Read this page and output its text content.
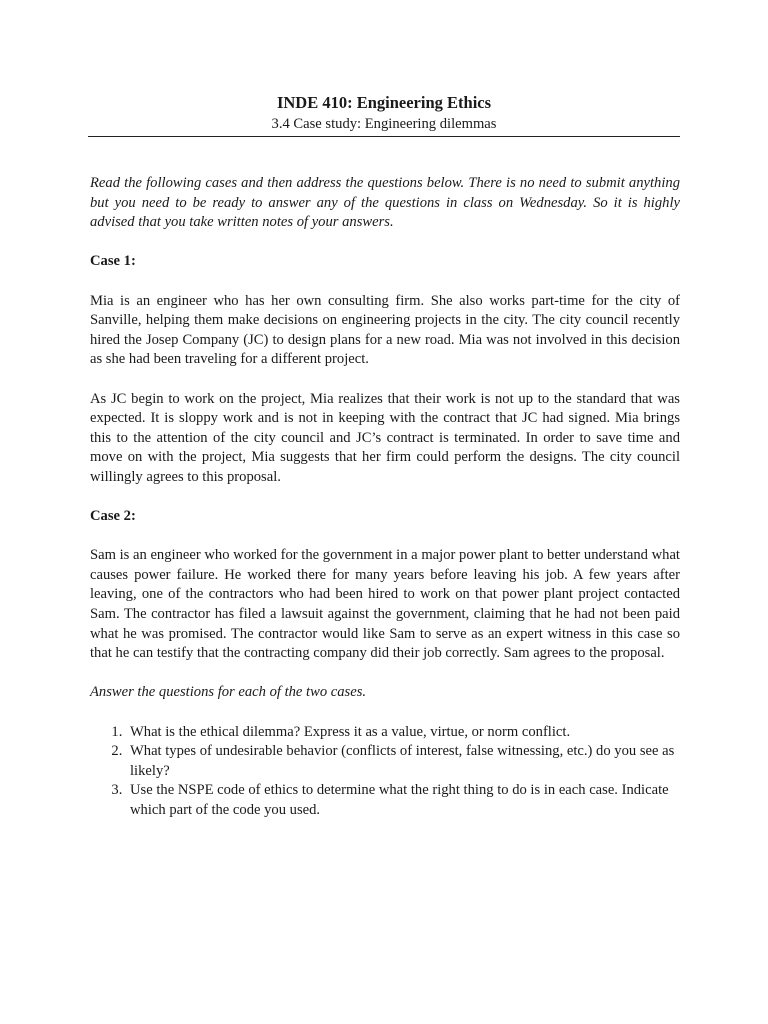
INDE 410: Engineering Ethics

3.4 Case study: Engineering dilemmas

Read the following cases and then address the questions below. There is no need to submit anything but you need to be ready to answer any of the questions in class on Wednesday. So it is highly advised that you take written notes of your answers.

Case 1:

Mia is an engineer who has her own consulting firm. She also works part-time for the city of Sanville, helping them make decisions on engineering projects in the city. The city council recently hired the Josep Company (JC) to design plans for a new road. Mia was not involved in this decision as she had been traveling for a different project.

As JC begin to work on the project, Mia realizes that their work is not up to the standard that was expected. It is sloppy work and is not in keeping with the contract that JC had signed. Mia brings this to the attention of the city council and JC’s contract is terminated. In order to save time and move on with the project, Mia suggests that her firm could perform the designs. The city council willingly agrees to this proposal.

Case 2:

Sam is an engineer who worked for the government in a major power plant to better understand what causes power failure. He worked there for many years before leaving his job. A few years after leaving, one of the contractors who had been hired to work on that power plant project contacted Sam. The contractor has filed a lawsuit against the government, claiming that he had not been paid what he was promised. The contractor would like Sam to serve as an expert witness in this case so that he can testify that the contracting company did their job correctly. Sam agrees to the proposal.

Answer the questions for each of the two cases.

1. What is the ethical dilemma? Express it as a value, virtue, or norm conflict.
2. What types of undesirable behavior (conflicts of interest, false witnessing, etc.) do you see as likely?
3. Use the NSPE code of ethics to determine what the right thing to do is in each case. Indicate which part of the code you used.
